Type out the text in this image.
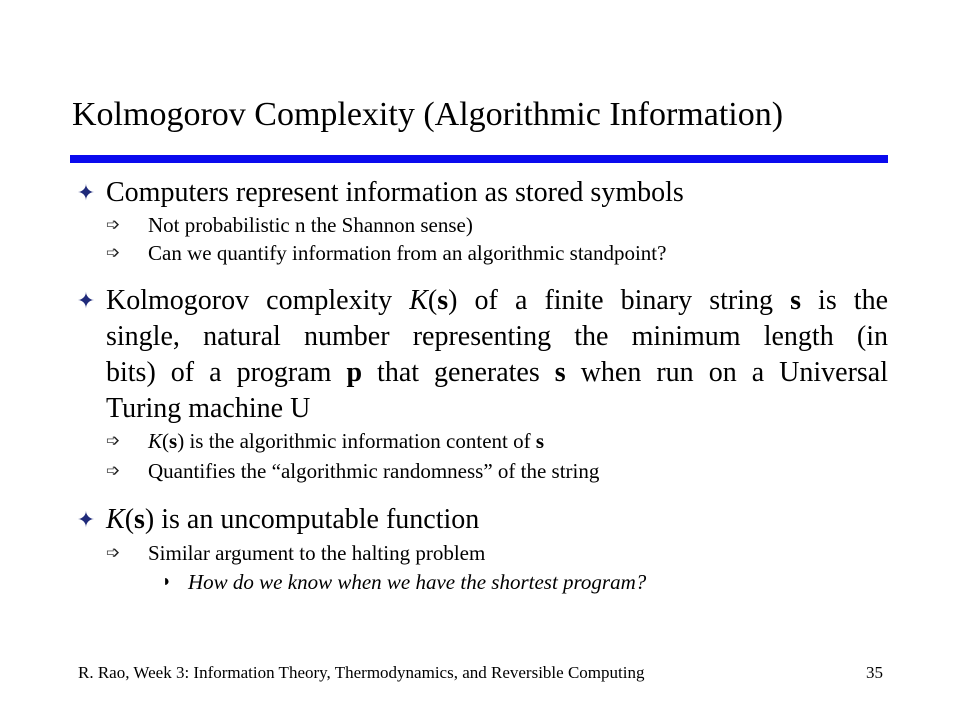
Kolmogorov Complexity (Algorithmic Information)
✦ Computers represent information as stored symbols
➩	Not probabilistic n the Shannon sense)
➩	Can we quantify information from an algorithmic standpoint?
✦ Kolmogorov complexity K(s) of a finite binary string s is the
single, natural number representing the minimum length (in
bits) of a program p that generates s when run on a Universal
Turing machine U
➩	K(s) is the algorithmic information content of s
➩	Quantifies the “algorithmic randomness” of the string
✦ K(s) is an uncomputable function
➩	Similar argument to the halting problem
◗ How do we know when we have the shortest program?
R. Rao, Week 3: Information Theory, Thermodynamics, and Reversible Computing	35
